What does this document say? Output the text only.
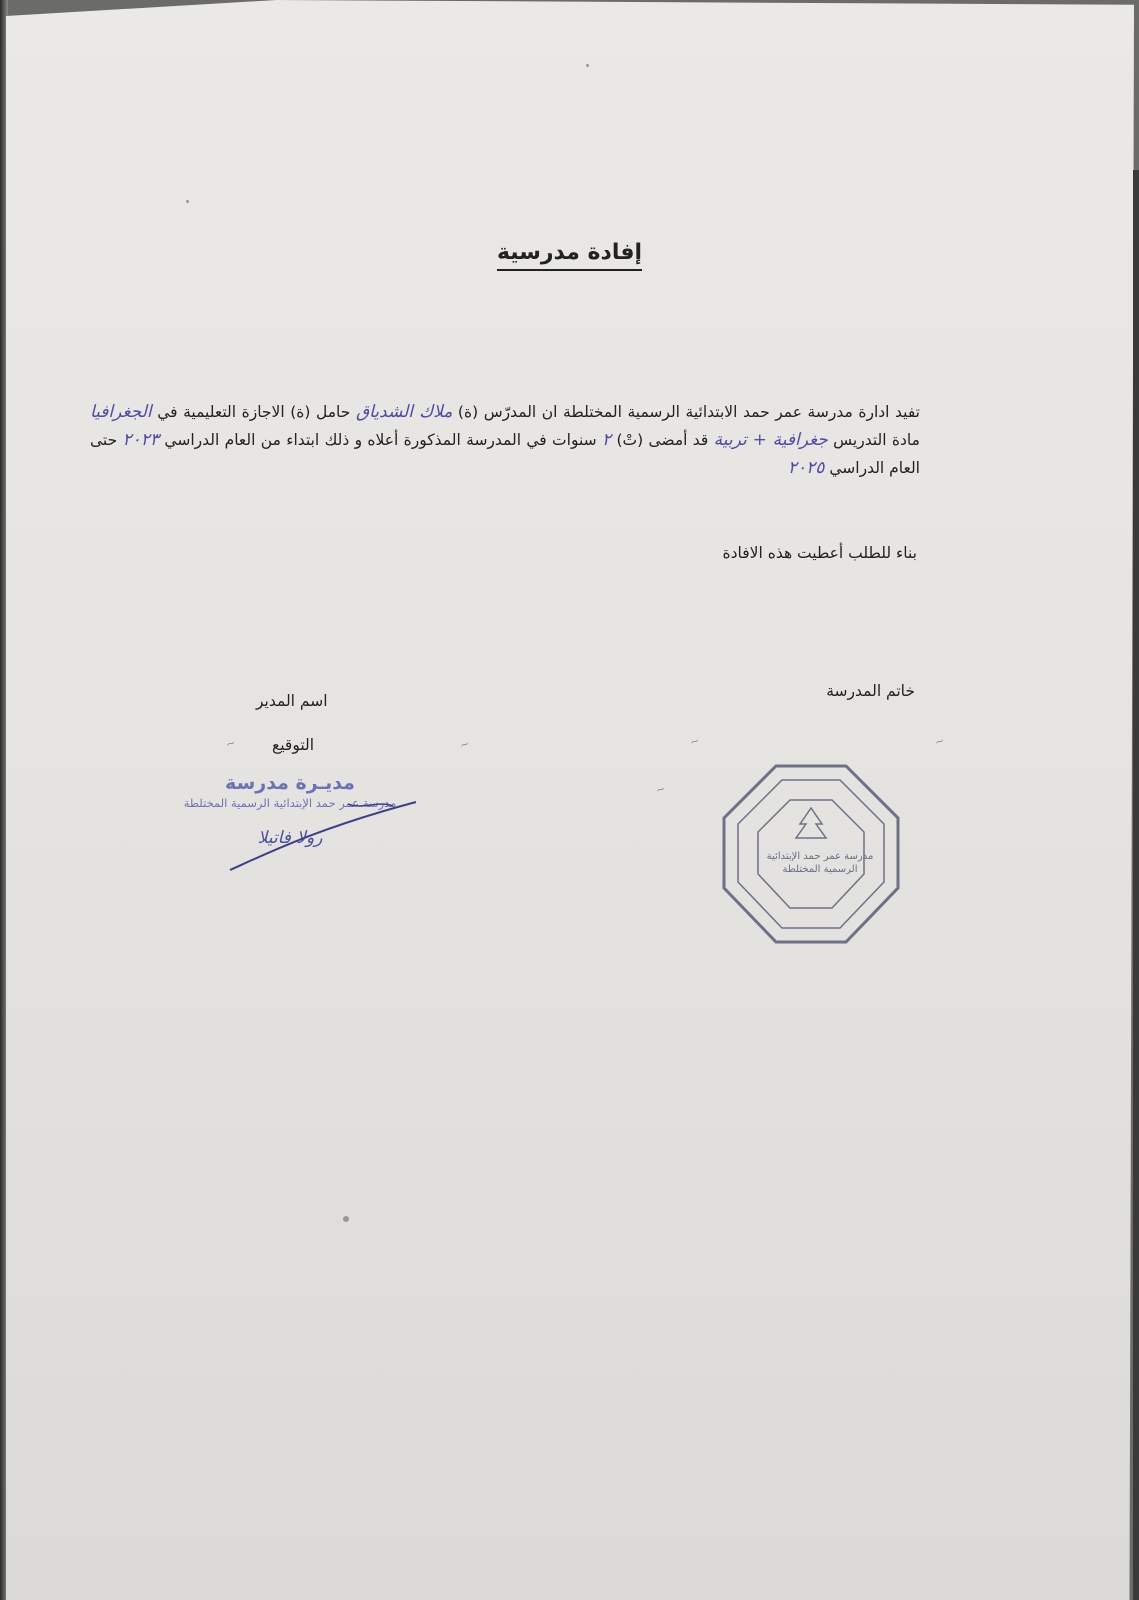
إفادة مدرسية
تفيد ادارة مدرسة عمر حمد الابتدائية الرسمية المختلطة ان المدرّس (ة) ملاك الشدياق حامل (ة) الاجازة التعليمية في الجغرافيا مادة التدريس جغرافية + تربية قد أمضى (تْ) ٢ سنوات في المدرسة المذكورة أعلاه و ذلك ابتداء من العام الدراسي ٢٠٢٣ حتى العام الدراسي ٢٠٢٥
بناء للطلب أعطيت هذه الافادة
خاتم المدرسة
اسم المدير
التوقيع
مديـرة مدرسة
مدرسة عمر حمد الإبتدائية الرسمية المختلطة
رولا فاتيلا
مدرسة عمر حمد الإبتدائية الرسمية المختلطة
~	~	~	~
~
